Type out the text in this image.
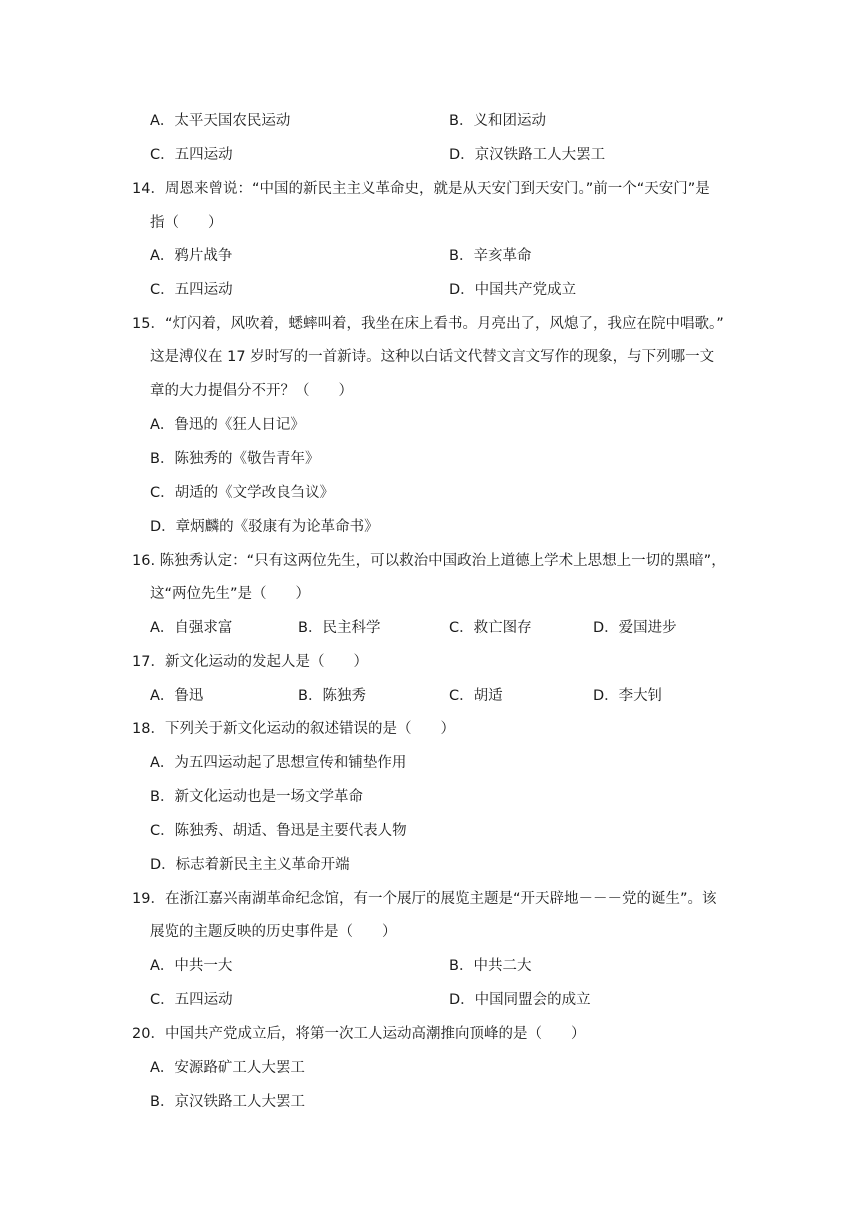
A．太平天国农民运动	B．义和团运动
C．五四运动	D．京汉铁路工人大罢工
14．周恩来曾说：“中国的新民主主义革命史，就是从天安门到天安门。”前一个“天安门”是
指（　　）
A．鸦片战争	B．辛亥革命
C．五四运动	D．中国共产党成立
15．“灯闪着，风吹着，蟋蟀叫着，我坐在床上看书。月亮出了，风熄了，我应在院中唱歌。”
这是溥仪在 17 岁时写的一首新诗。这种以白话文代替文言文写作的现象，与下列哪一文
章的大力提倡分不开？（　　）
A．鲁迅的《狂人日记》
B．陈独秀的《敬告青年》
C．胡适的《文学改良刍议》
D．章炳麟的《驳康有为论革命书》
16. 陈独秀认定：“只有这两位先生，可以救治中国政治上道德上学术上思想上一切的黑暗”，
这“两位先生”是（　　）
A．自强求富	B．民主科学	C．救亡图存	D．爱国进步
17．新文化运动的发起人是（　　）
A．鲁迅	B．陈独秀	C．胡适	D．李大钊
18．下列关于新文化运动的叙述错误的是（　　）
A．为五四运动起了思想宣传和铺垫作用
B．新文化运动也是一场文学革命
C．陈独秀、胡适、鲁迅是主要代表人物
D．标志着新民主主义革命开端
19．在浙江嘉兴南湖革命纪念馆，有一个展厅的展览主题是“开天辟地－－－党的诞生”。该
展览的主题反映的历史事件是（　　）
A．中共一大	B．中共二大
C．五四运动	D．中国同盟会的成立
20．中国共产党成立后，将第一次工人运动高潮推向顶峰的是（　　）
A．安源路矿工人大罢工
B．京汉铁路工人大罢工
